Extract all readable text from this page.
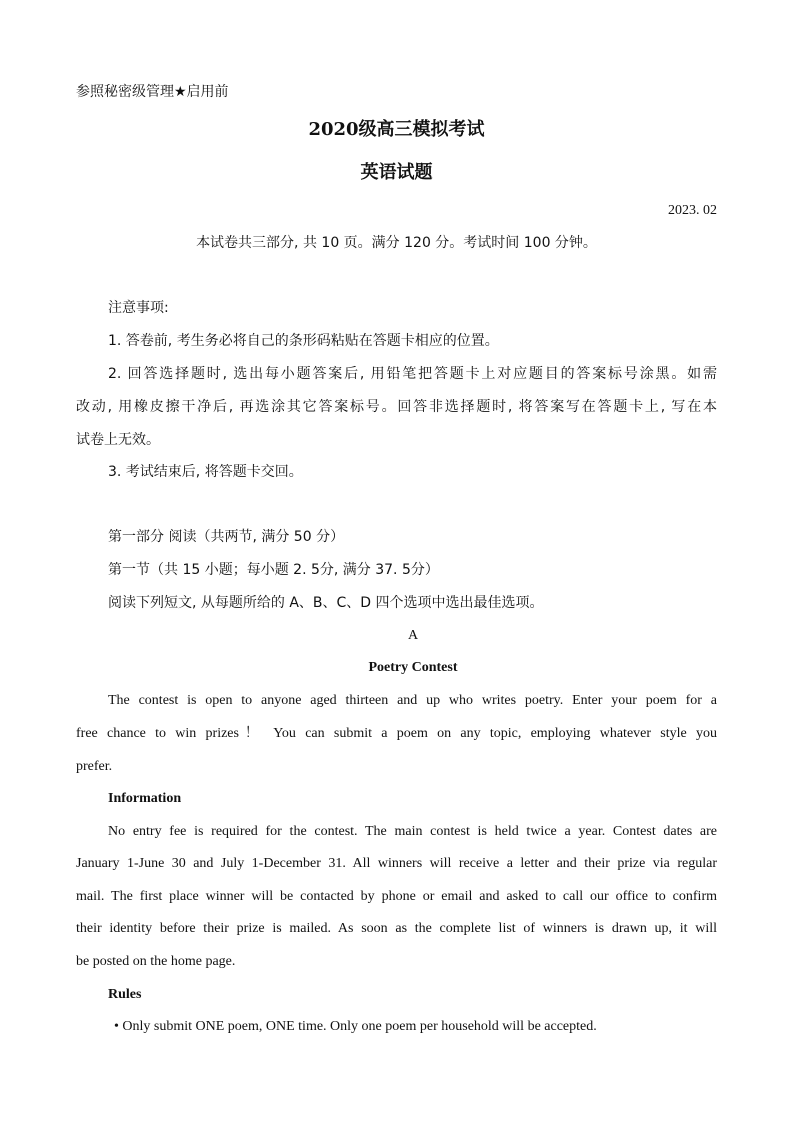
参照秘密级管理★启用前
2020级高三模拟考试
英语试题
2023. 02
本试卷共三部分, 共 10 页。满分 120 分。考试时间 100 分钟。
注意事项:
1. 答卷前, 考生务必将自己的条形码粘贴在答题卡相应的位置。
2. 回答选择题时, 选出每小题答案后, 用铅笔把答题卡上对应题目的答案标号涂黑。如需
改动, 用橡皮擦干净后, 再选涂其它答案标号。回答非选择题时, 将答案写在答题卡上, 写在本
试卷上无效。
3. 考试结束后, 将答题卡交回。
第一部分 阅读（共两节, 满分 50 分）
第一节（共 15 小题；每小题 2. 5分, 满分 37. 5分）
阅读下列短文, 从每题所给的 A、B、C、D 四个选项中选出最佳选项。
A
Poetry Contest
The contest is open to anyone aged thirteen and up who writes poetry. Enter your poem for a
free chance to win prizes！ You can submit a poem on any topic, employing whatever style you
prefer.
Information
No entry fee is required for the contest. The main contest is held twice a year. Contest dates are
January 1-June 30 and July 1-December 31. All winners will receive a letter and their prize via regular
mail. The first place winner will be contacted by phone or email and asked to call our office to confirm
their identity before their prize is mailed. As soon as the complete list of winners is drawn up, it will
be posted on the home page.
Rules
• Only submit ONE poem, ONE time. Only one poem per household will be accepted.
